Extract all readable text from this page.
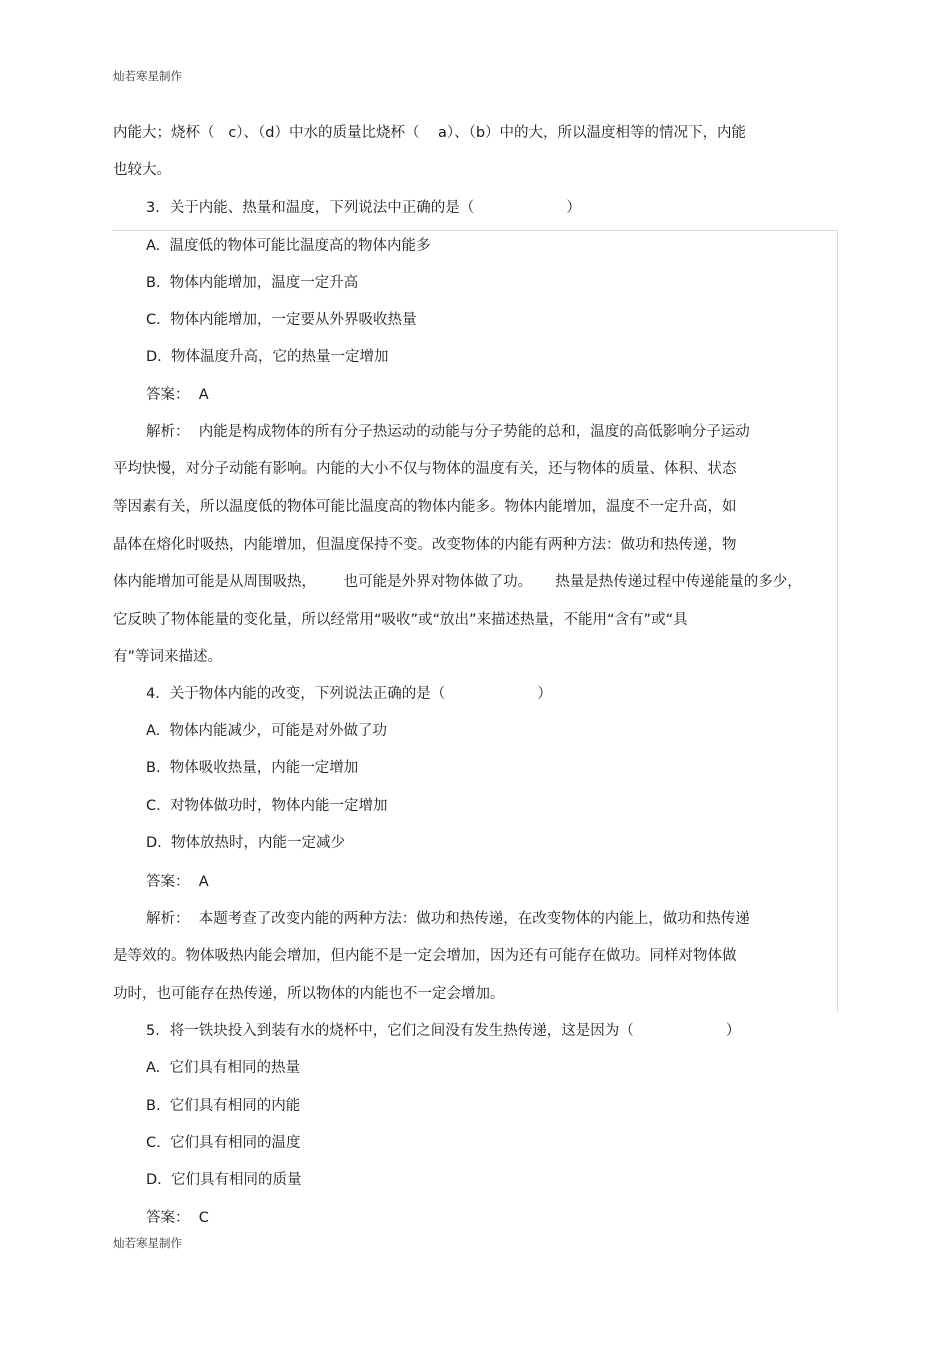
灿若寒星制作
内能大；烧杯（   c）、（d）中水的质量比烧杯（    a）、（b）中的大，所以温度相等的情况下，内能
也较大。
3．关于内能、热量和温度，下列说法中正确的是（                    ）
A.  温度低的物体可能比温度高的物体内能多
B.  物体内能增加，温度一定升高
C.  物体内能增加，一定要从外界吸收热量
D.  物体温度升高，它的热量一定增加
答案：  A
解析：  内能是构成物体的所有分子热运动的动能与分子势能的总和，温度的高低影响分子运动
平均快慢，对分子动能有影响。内能的大小不仅与物体的温度有关，还与物体的质量、体积、状态
等因素有关，所以温度低的物体可能比温度高的物体内能多。物体内能增加，温度不一定升高，如
晶体在熔化时吸热，内能增加，但温度保持不变。改变物体的内能有两种方法：做功和热传递，物
体内能增加可能是从周围吸热，      也可能是外界对物体做了功。     热量是热传递过程中传递能量的多少，
它反映了物体能量的变化量，所以经常用“吸收”或“放出”来描述热量，不能用“含有”或“具
有”等词来描述。
4．关于物体内能的改变，下列说法正确的是（                    ）
A.  物体内能减少，可能是对外做了功
B.  物体吸收热量，内能一定增加
C.  对物体做功时，物体内能一定增加
D.  物体放热时，内能一定减少
答案：  A
解析：  本题考查了改变内能的两种方法：做功和热传递，在改变物体的内能上，做功和热传递
是等效的。物体吸热内能会增加，但内能不是一定会增加，因为还有可能存在做功。同样对物体做
功时，也可能存在热传递，所以物体的内能也不一定会增加。
5．将一铁块投入到装有水的烧杯中，它们之间没有发生热传递，这是因为（                    ）
A.  它们具有相同的热量
B.  它们具有相同的内能
C.  它们具有相同的温度
D.  它们具有相同的质量
答案：  C
灿若寒星制作
